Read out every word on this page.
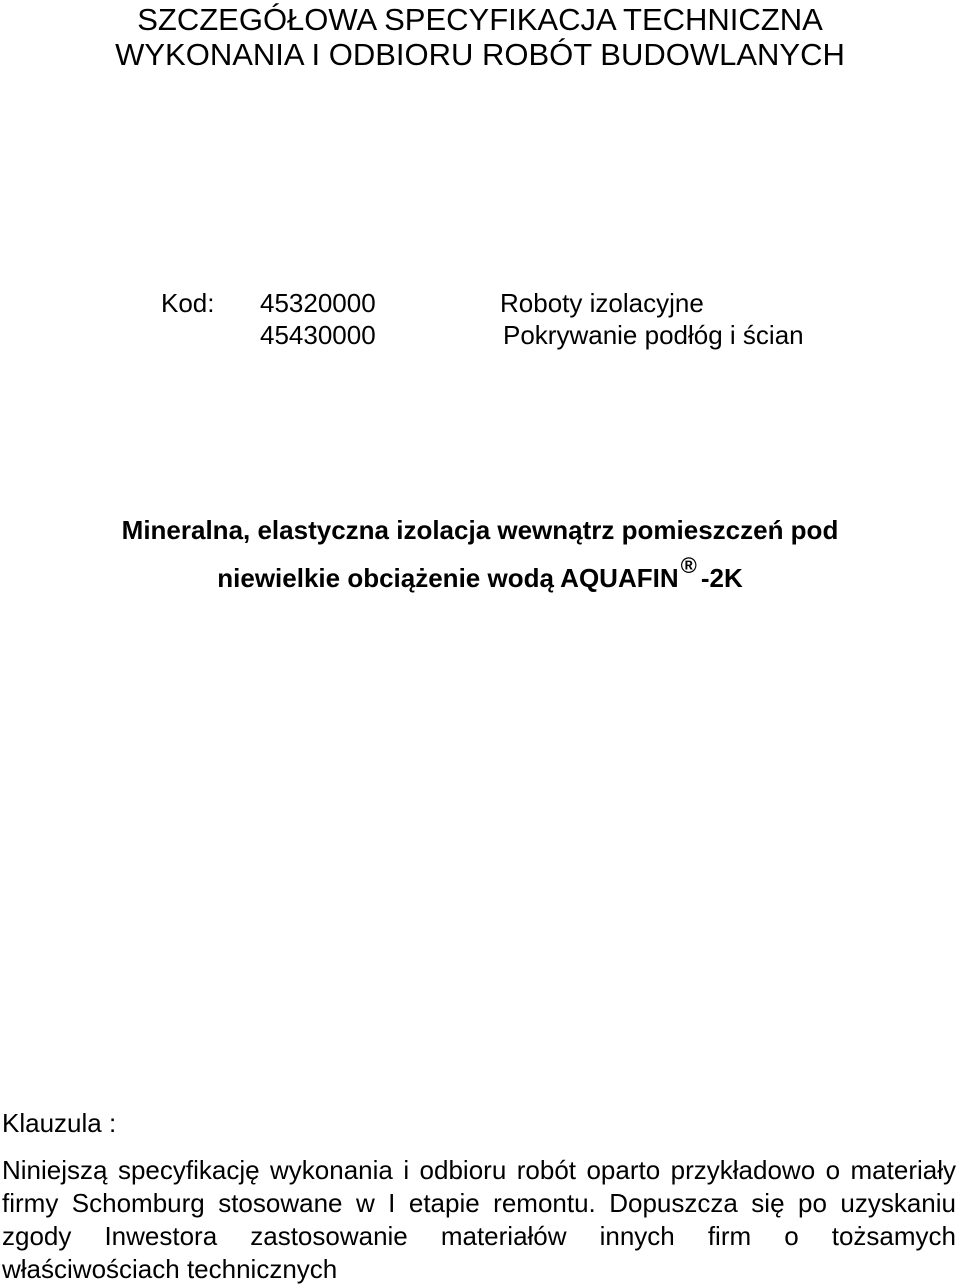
SZCZEGÓŁOWA SPECYFIKACJA TECHNICZNA
WYKONANIA I ODBIORU ROBÓT BUDOWLANYCH
Kod: 45320000	Roboty izolacyjne
45430000	Pokrywanie podłóg i ścian

Mineralna, elastyczna izolacja wewnątrz pomieszczeń pod

niewielkie obciążenie wodą AQUAFIN® -2K

Klauzula :

Niniejszą specyfikację wykonania i odbioru robót oparto przykładowo o materiały firmy Schomburg stosowane w I etapie remontu. Dopuszcza się po uzyskaniu zgody Inwestora zastosowanie materiałów innych firm o tożsamych właściwościach technicznych
